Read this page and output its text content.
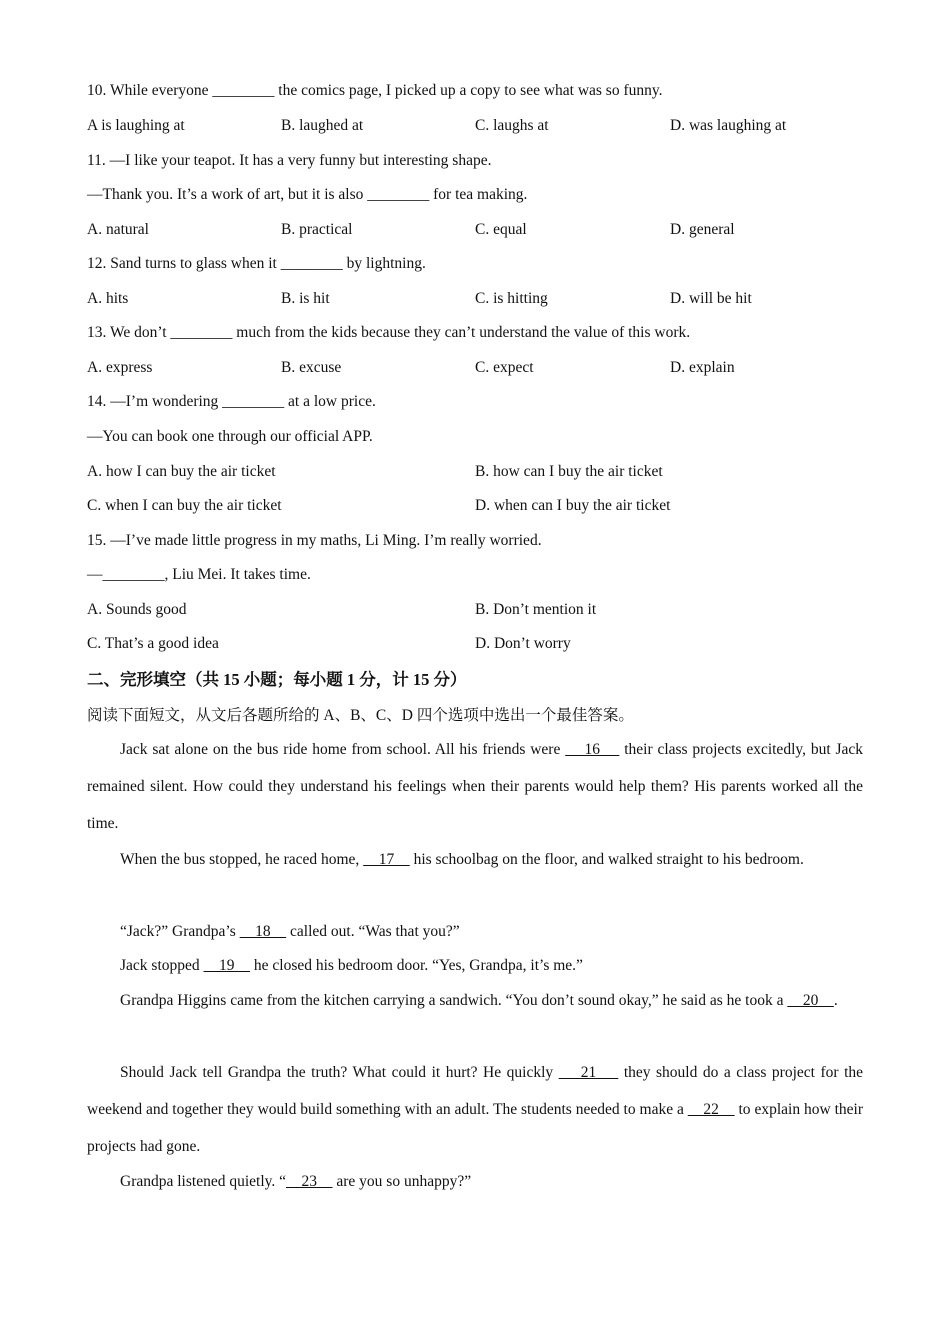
10. While everyone ________ the comics page, I picked up a copy to see what was so funny.
A is laughing at	B. laughed at	C. laughs at	D. was laughing at
11. —I like your teapot. It has a very funny but interesting shape.
—Thank you. It’s a work of art, but it is also ________ for tea making.
A. natural	B. practical	C. equal	D. general
12. Sand turns to glass when it ________ by lightning.
A. hits	B. is hit	C. is hitting	D. will be hit
13. We don’t ________ much from the kids because they can’t understand the value of this work.
A. express	B. excuse	C. expect	D. explain
14. —I’m wondering ________ at a low price.
—You can book one through our official APP.
A. how I can buy the air ticket	B. how can I buy the air ticket
C. when I can buy the air ticket	D. when can I buy the air ticket
15. —I’ve made little progress in my maths, Li Ming. I’m really worried.
—________, Liu Mei. It takes time.
A. Sounds good	B. Don’t mention it
C. That’s a good idea	D. Don’t worry
二、完形填空（共 15 小题；每小题 1 分，计 15 分）
阅读下面短文，从文后各题所给的 A、B、C、D 四个选项中选出一个最佳答案。
Jack sat alone on the bus ride home from school. All his friends were     16     their class projects excitedly, but Jack remained silent. How could they understand his feelings when their parents would help them? His parents worked all the time.
When the bus stopped, he raced home,     17     his schoolbag on the floor, and walked straight to his bedroom.
“Jack?” Grandpa’s     18     called out. “Was that you?”
Jack stopped     19     he closed his bedroom door. “Yes, Grandpa, it’s me.”
Grandpa Higgins came from the kitchen carrying a sandwich. “You don’t sound okay,” he said as he took a     20    .
Should Jack tell Grandpa the truth? What could it hurt? He quickly     21     they should do a class project for the weekend and together they would build something with an adult. The students needed to make a     22     to explain how their projects had gone.
Grandpa listened quietly. “    23     are you so unhappy?”
